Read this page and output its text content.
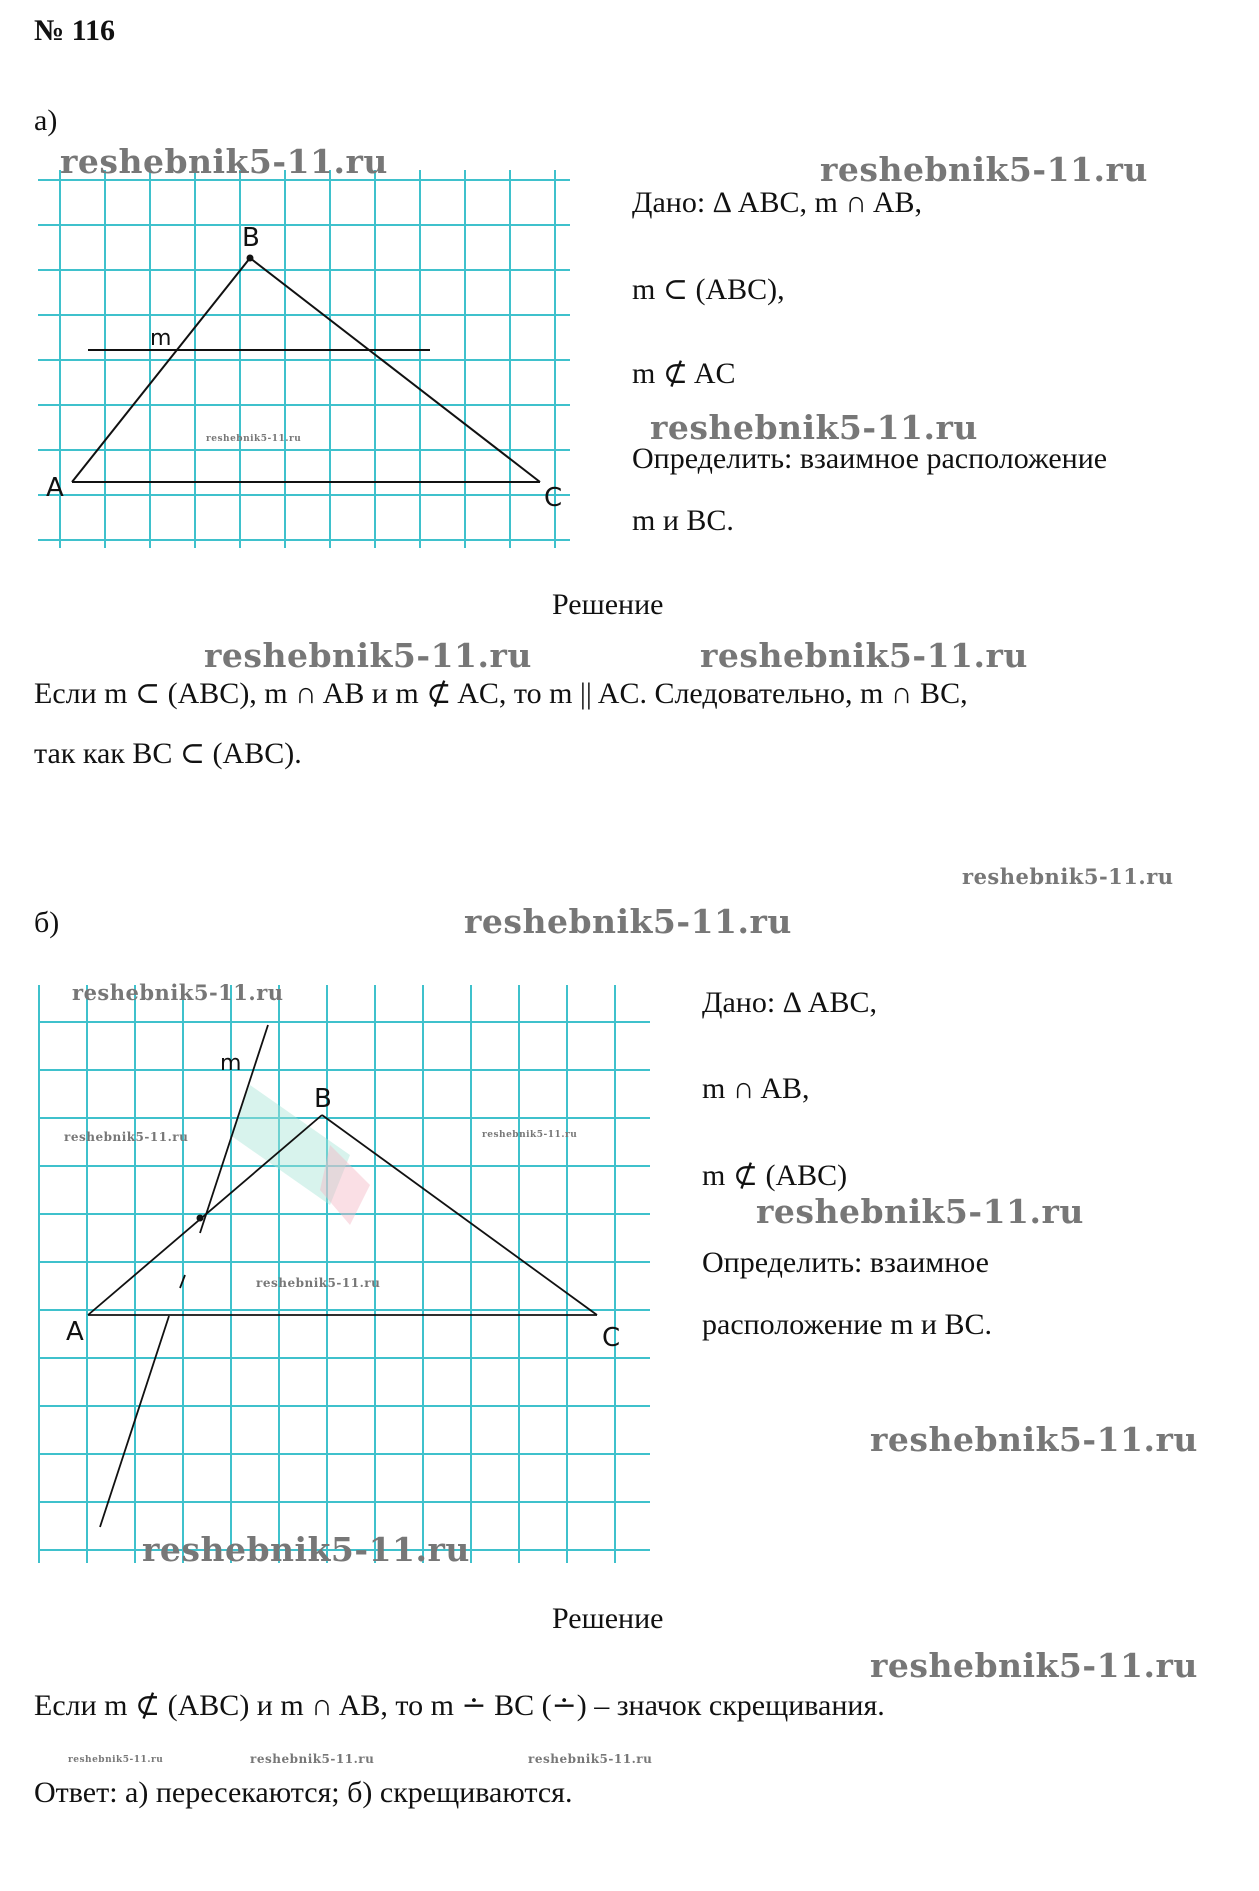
№ 116
а)
B
A	C
m
Дано: Δ ABC, m ∩ AB,
m ⊂ (ABC),
m ⊄ AC
Определить: взаимное расположение
m и BC.
Решение
Если m ⊂ (ABC), m ∩ AB и m ⊄ AC, то m || AC. Следовательно, m ∩ BC,
так как BC ⊂ (ABC).
б)
B
A	C
m
Дано: Δ ABC,
m ∩ AB,
m ⊄ (ABC)
Определить: взаимное
расположение m и BC.
Решение
Если m ⊄ (ABC) и m ∩ AB, то m ∸ BC (∸) – значок скрещивания.
Ответ: а) пересекаются; б) скрещиваются.
reshebnik5-11.ru	reshebnik5-11.ru
reshebnik5-11.ru
reshebnik5-11.ru
reshebnik5-11.ru	reshebnik5-11.ru
reshebnik5-11.ru
reshebnik5-11.ru
reshebnik5-11.ru
reshebnik5-11.ru	reshebnik5-11.ru
reshebnik5-11.ru
reshebnik5-11.ru
reshebnik5-11.ru
reshebnik5-11.ru
reshebnik5-11.ru
reshebnik5-11.ru	reshebnik5-11.ru	reshebnik5-11.ru
